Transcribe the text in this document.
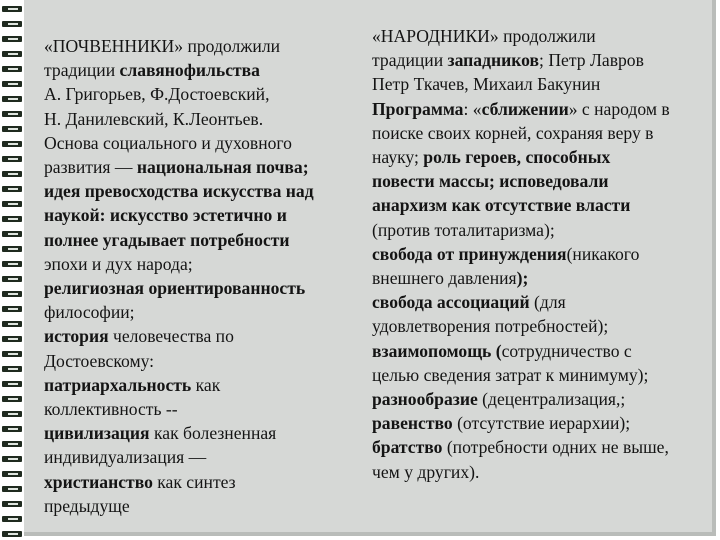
«ПОЧВЕННИКИ» продолжили
традиции славянофильства
А. Григорьев, Ф.Достоевский,
Н. Данилевский, К.Леонтьев.
Основа социального и духовного
развития — национальная почва;
идея превосходства искусства над
наукой: искусство эстетично и
полнее угадывает потребности
эпохи и дух народа;
религиозная ориентированность
философии;
история человечества по
Достоевскому:
патриархальность как
коллективность --
цивилизация как болезненная
индивидуализация —
христианство как синтез
предыдуще
«НАРОДНИКИ» продолжили
традиции западников; Петр Лавров
Петр Ткачев, Михаил Бакунин
Программа: «сближении» с народом в
поиске своих корней, сохраняя веру в
науку; роль героев, способных
повести массы; исповедовали
анархизм как отсутствие власти
(против тоталитаризма);
свобода от принуждения(никакого
внешнего давления);
свобода ассоциаций (для
удовлетворения потребностей);
взаимопомощь (сотрудничество с
целью сведения затрат к минимуму);
разнообразие (децентрализация,;
равенство (отсутствие иерархии);
братство (потребности одних не выше,
чем у других).
